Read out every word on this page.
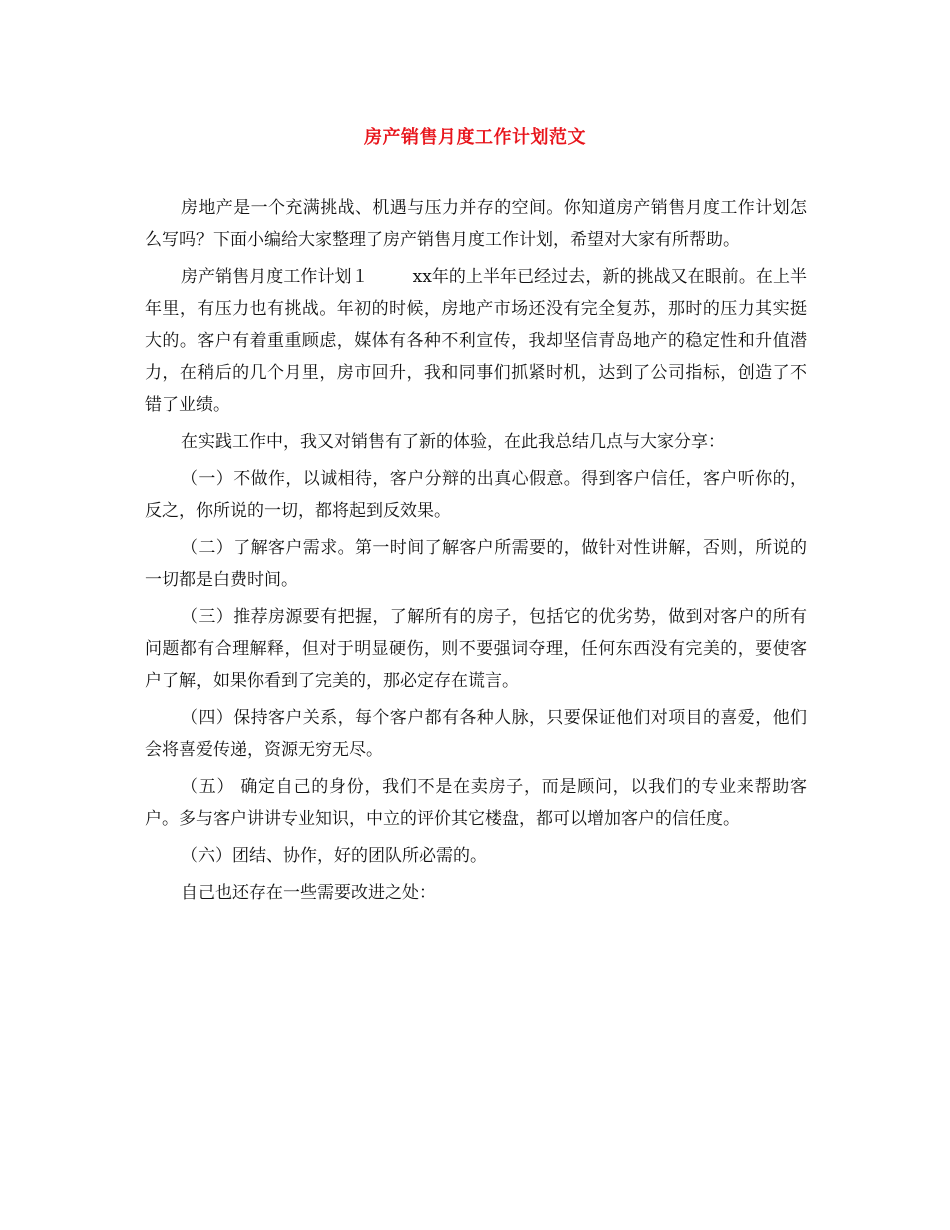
房产销售月度工作计划范文

房地产是一个充满挑战、机遇与压力并存的空间。你知道房产销售月度工作计划怎么写吗？下面小编给大家整理了房产销售月度工作计划，希望对大家有所帮助。

房产销售月度工作计划１	xx年的上半年已经过去，新的挑战又在眼前。在上半年里，有压力也有挑战。年初的时候，房地产市场还没有完全复苏，那时的压力其实挺大的。客户有着重重顾虑，媒体有各种不利宣传，我却坚信青岛地产的稳定性和升值潜力，在稍后的几个月里，房市回升，我和同事们抓紧时机，达到了公司指标，创造了不错了业绩。

在实践工作中，我又对销售有了新的体验，在此我总结几点与大家分享：

（一）不做作，以诚相待，客户分辩的出真心假意。得到客户信任，客户听你的，反之，你所说的一切，都将起到反效果。

（二）了解客户需求。第一时间了解客户所需要的，做针对性讲解，否则，所说的一切都是白费时间。

（三）推荐房源要有把握，了解所有的房子，包括它的优劣势，做到对客户的所有问题都有合理解释，但对于明显硬伤，则不要强词夺理，任何东西没有完美的，要使客户了解，如果你看到了完美的，那必定存在谎言。

（四）保持客户关系，每个客户都有各种人脉，只要保证他们对项目的喜爱，他们会将喜爱传递，资源无穷无尽。

（五） 确定自己的身份，我们不是在卖房子，而是顾问，以我们的专业来帮助客户。多与客户讲讲专业知识，中立的评价其它楼盘，都可以增加客户的信任度。

（六）团结、协作，好的团队所必需的。

自己也还存在一些需要改进之处：
